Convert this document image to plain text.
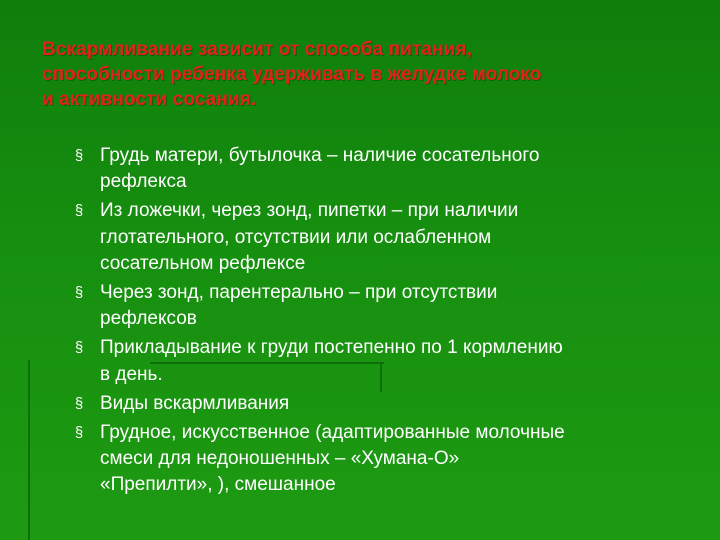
Вскармливание зависит от способа питания,
способности ребенка удерживать в желудке молоко
и активности сосания.
§ Грудь матери, бутылочка – наличие сосательного
рефлекса
§ Из ложечки, через зонд, пипетки – при наличии
глотательного, отсутствии или ослабленном
сосательном рефлексе
§ Через зонд, парентерально – при отсутствии
рефлексов
§ Прикладывание к груди постепенно по 1 кормлению
в день.
§ Виды вскармливания
§ Грудное, искусственное (адаптированные молочные
смеси для недоношенных – «Хумана-О»
«Препилти», ), смешанное
